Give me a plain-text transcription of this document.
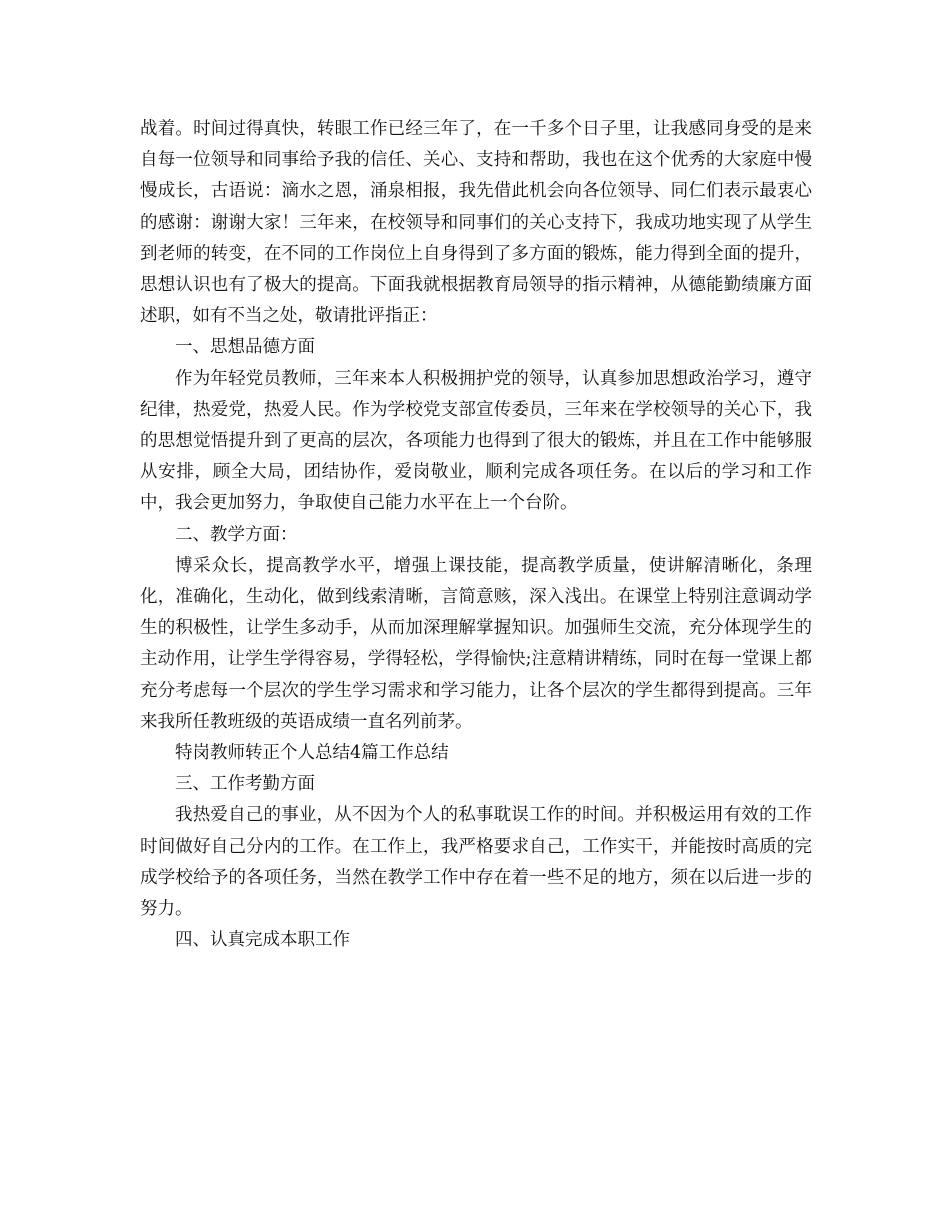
战着。时间过得真快，转眼工作已经三年了，在一千多个日子里，让我感同身受的是来自每一位领导和同事给予我的信任、关心、支持和帮助，我也在这个优秀的大家庭中慢慢成长，古语说：滴水之恩，涌泉相报，我先借此机会向各位领导、同仁们表示最衷心的感谢：谢谢大家！三年来，在校领导和同事们的关心支持下，我成功地实现了从学生到老师的转变，在不同的工作岗位上自身得到了多方面的锻炼，能力得到全面的提升，思想认识也有了极大的提高。下面我就根据教育局领导的指示精神，从德能勤绩廉方面述职，如有不当之处，敬请批评指正：

一、思想品德方面

作为年轻党员教师，三年来本人积极拥护党的领导，认真参加思想政治学习，遵守纪律，热爱党，热爱人民。作为学校党支部宣传委员，三年来在学校领导的关心下，我的思想觉悟提升到了更高的层次，各项能力也得到了很大的锻炼，并且在工作中能够服从安排，顾全大局，团结协作，爱岗敬业，顺利完成各项任务。在以后的学习和工作中，我会更加努力，争取使自己能力水平在上一个台阶。

二、教学方面：

博采众长，提高教学水平，增强上课技能，提高教学质量，使讲解清晰化，条理化，准确化，生动化，做到线索清晰，言简意赅，深入浅出。在课堂上特别注意调动学生的积极性，让学生多动手，从而加深理解掌握知识。加强师生交流，充分体现学生的主动作用，让学生学得容易，学得轻松，学得愉快;注意精讲精练，同时在每一堂课上都充分考虑每一个层次的学生学习需求和学习能力，让各个层次的学生都得到提高。三年来我所任教班级的英语成绩一直名列前茅。

特岗教师转正个人总结4篇工作总结

三、工作考勤方面

我热爱自己的事业，从不因为个人的私事耽误工作的时间。并积极运用有效的工作时间做好自己分内的工作。在工作上，我严格要求自己，工作实干，并能按时高质的完成学校给予的各项任务，当然在教学工作中存在着一些不足的地方，须在以后进一步的努力。

四、认真完成本职工作
